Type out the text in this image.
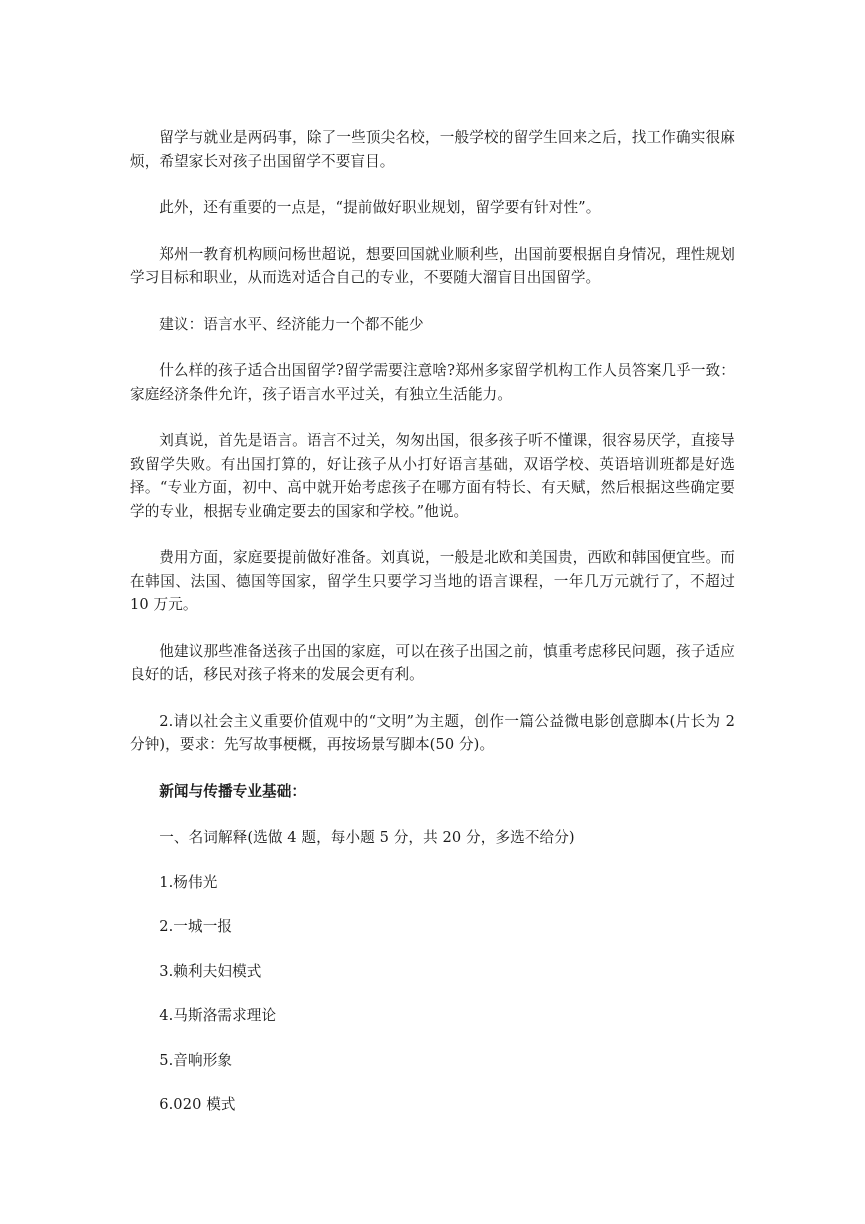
留学与就业是两码事，除了一些顶尖名校，一般学校的留学生回来之后，找工作确实很麻烦，希望家长对孩子出国留学不要盲目。

此外，还有重要的一点是，“提前做好职业规划，留学要有针对性”。

郑州一教育机构顾问杨世超说，想要回国就业顺利些，出国前要根据自身情况，理性规划学习目标和职业，从而选对适合自己的专业，不要随大溜盲目出国留学。

建议：语言水平、经济能力一个都不能少

什么样的孩子适合出国留学?留学需要注意啥?郑州多家留学机构工作人员答案几乎一致：家庭经济条件允许，孩子语言水平过关，有独立生活能力。

刘真说，首先是语言。语言不过关，匆匆出国，很多孩子听不懂课，很容易厌学，直接导致留学失败。有出国打算的，好让孩子从小打好语言基础，双语学校、英语培训班都是好选择。“专业方面，初中、高中就开始考虑孩子在哪方面有特长、有天赋，然后根据这些确定要学的专业，根据专业确定要去的国家和学校。”他说。

费用方面，家庭要提前做好准备。刘真说，一般是北欧和美国贵，西欧和韩国便宜些。而在韩国、法国、德国等国家，留学生只要学习当地的语言课程，一年几万元就行了，不超过 10 万元。

他建议那些准备送孩子出国的家庭，可以在孩子出国之前，慎重考虑移民问题，孩子适应良好的话，移民对孩子将来的发展会更有利。

2.请以社会主义重要价值观中的“文明”为主题，创作一篇公益微电影创意脚本(片长为 2 分钟)，要求：先写故事梗概，再按场景写脚本(50 分)。

新闻与传播专业基础：

一、名词解释(选做 4 题，每小题 5 分，共 20 分，多选不给分)

1.杨伟光

2.一城一报

3.赖利夫妇模式

4.马斯洛需求理论

5.音响形象

6.020 模式
